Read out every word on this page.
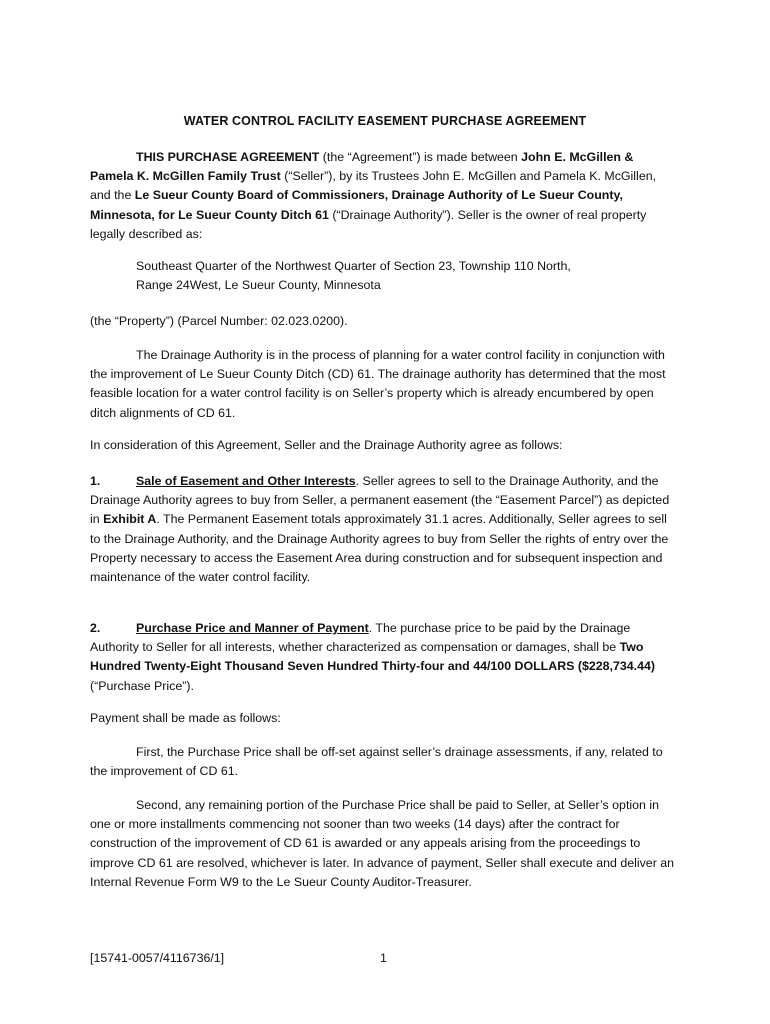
WATER CONTROL FACILITY EASEMENT PURCHASE AGREEMENT

THIS PURCHASE AGREEMENT (the “Agreement”) is made between John E. McGillen & Pamela K. McGillen Family Trust (“Seller”), by its Trustees John E. McGillen and Pamela K. McGillen, and the Le Sueur County Board of Commissioners, Drainage Authority of Le Sueur County, Minnesota, for Le Sueur County Ditch 61 (“Drainage Authority”). Seller is the owner of real property legally described as:

Southeast Quarter of the Northwest Quarter of Section 23, Township 110 North,

Range 24West, Le Sueur County, Minnesota

(the “Property”) (Parcel Number: 02.023.0200).

The Drainage Authority is in the process of planning for a water control facility in conjunction with the improvement of Le Sueur County Ditch (CD) 61. The drainage authority has determined that the most feasible location for a water control facility is on Seller’s property which is already encumbered by open ditch alignments of CD 61.

In consideration of this Agreement, Seller and the Drainage Authority agree as follows:

1.	Sale of Easement and Other Interests. Seller agrees to sell to the Drainage Authority, and the Drainage Authority agrees to buy from Seller, a permanent easement (the “Easement Parcel”) as depicted in Exhibit A. The Permanent Easement totals approximately 31.1 acres. Additionally, Seller agrees to sell to the Drainage Authority, and the Drainage Authority agrees to buy from Seller the rights of entry over the Property necessary to access the Easement Area during construction and for subsequent inspection and maintenance of the water control facility.

2.	Purchase Price and Manner of Payment. The purchase price to be paid by the Drainage Authority to Seller for all interests, whether characterized as compensation or damages, shall be Two Hundred Twenty-Eight Thousand Seven Hundred Thirty-four and 44/100 DOLLARS ($228,734.44) (“Purchase Price”).

Payment shall be made as follows:

First, the Purchase Price shall be off-set against seller’s drainage assessments, if any, related to the improvement of CD 61.

Second, any remaining portion of the Purchase Price shall be paid to Seller, at Seller’s option in one or more installments commencing not sooner than two weeks (14 days) after the contract for construction of the improvement of CD 61 is awarded or any appeals arising from the proceedings to improve CD 61 are resolved, whichever is later. In advance of payment, Seller shall execute and deliver an Internal Revenue Form W9 to the Le Sueur County Auditor-Treasurer.

[15741-0057/4116736/1]	1
